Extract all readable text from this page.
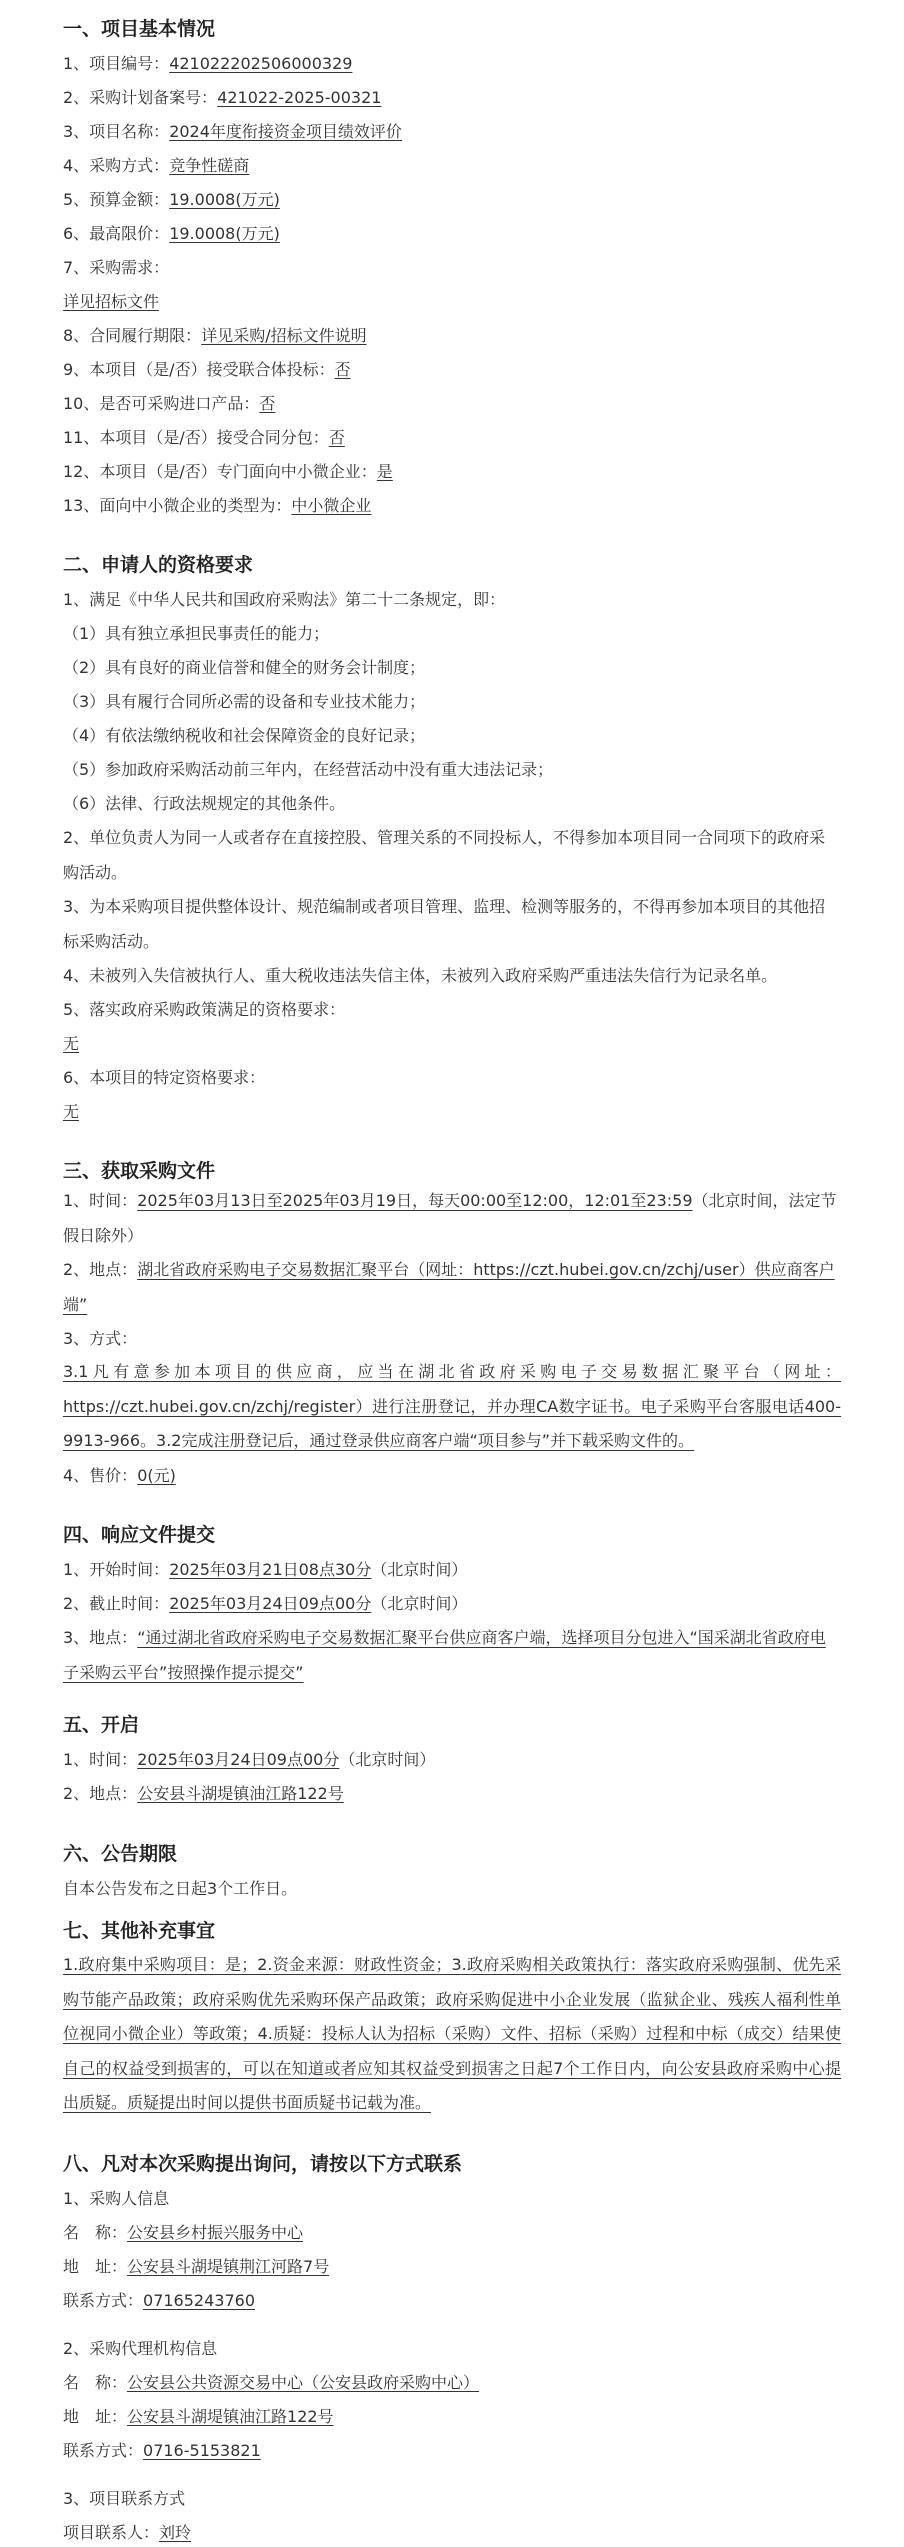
一、项目基本情况
1、项目编号：421022202506000329
2、采购计划备案号：421022-2025-00321
3、项目名称：2024年度衔接资金项目绩效评价
4、采购方式：竞争性磋商
5、预算金额：19.0008(万元)
6、最高限价：19.0008(万元)
7、采购需求：
详见招标文件
8、合同履行期限：详见采购/招标文件说明
9、本项目（是/否）接受联合体投标：否
10、是否可采购进口产品：否
11、本项目（是/否）接受合同分包：否
12、本项目（是/否）专门面向中小微企业：是
13、面向中小微企业的类型为：中小微企业
二、申请人的资格要求
1、满足《中华人民共和国政府采购法》第二十二条规定，即：
（1）具有独立承担民事责任的能力；
（2）具有良好的商业信誉和健全的财务会计制度；
（3）具有履行合同所必需的设备和专业技术能力；
（4）有依法缴纳税收和社会保障资金的良好记录；
（5）参加政府采购活动前三年内，在经营活动中没有重大违法记录；
（6）法律、行政法规规定的其他条件。
2、单位负责人为同一人或者存在直接控股、管理关系的不同投标人，不得参加本项目同一合同项下的政府采购活动。
3、为本采购项目提供整体设计、规范编制或者项目管理、监理、检测等服务的，不得再参加本项目的其他招标采购活动。
4、未被列入失信被执行人、重大税收违法失信主体，未被列入政府采购严重违法失信行为记录名单。
5、落实政府采购政策满足的资格要求：
无
6、本项目的特定资格要求：
无
三、获取采购文件
1、时间：2025年03月13日至2025年03月19日，每天00:00至12:00，12:01至23:59（北京时间，法定节假日除外）
2、地点：湖北省政府采购电子交易数据汇聚平台（网址：https://czt.hubei.gov.cn/zchj/user）供应商客户端”
3、方式：
3.1凡有意参加本项目的供应商，应当在湖北省政府采购电子交易数据汇聚平台（网址：https://czt.hubei.gov.cn/zchj/register）进行注册登记，并办理CA数字证书。电子采购平台客服电话400-9913-966。3.2完成注册登记后，通过登录供应商客户端“项目参与”并下载采购文件的。
4、售价：0(元)
四、响应文件提交
1、开始时间：2025年03月21日08点30分（北京时间）
2、截止时间：2025年03月24日09点00分（北京时间）
3、地点：“通过湖北省政府采购电子交易数据汇聚平台供应商客户端，选择项目分包进入“国采湖北省政府电子采购云平台”按照操作提示提交”
五、开启
1、时间：2025年03月24日09点00分（北京时间）
2、地点：公安县斗湖堤镇油江路122号
六、公告期限
自本公告发布之日起3个工作日。
七、其他补充事宜
1.政府集中采购项目：是；2.资金来源：财政性资金；3.政府采购相关政策执行：落实政府采购强制、优先采购节能产品政策；政府采购优先采购环保产品政策；政府采购促进中小企业发展（监狱企业、残疾人福利性单位视同小微企业）等政策；4.质疑：投标人认为招标（采购）文件、招标（采购）过程和中标（成交）结果使自己的权益受到损害的，可以在知道或者应知其权益受到损害之日起7个工作日内，向公安县政府采购中心提出质疑。质疑提出时间以提供书面质疑书记载为准。
八、凡对本次采购提出询问，请按以下方式联系
1、采购人信息
名　称：公安县乡村振兴服务中心
地　址：公安县斗湖堤镇荆江河路7号
联系方式：07165243760
2、采购代理机构信息
名　称：公安县公共资源交易中心（公安县政府采购中心）
地　址：公安县斗湖堤镇油江路122号
联系方式：0716-5153821
3、项目联系方式
项目联系人：刘玲
